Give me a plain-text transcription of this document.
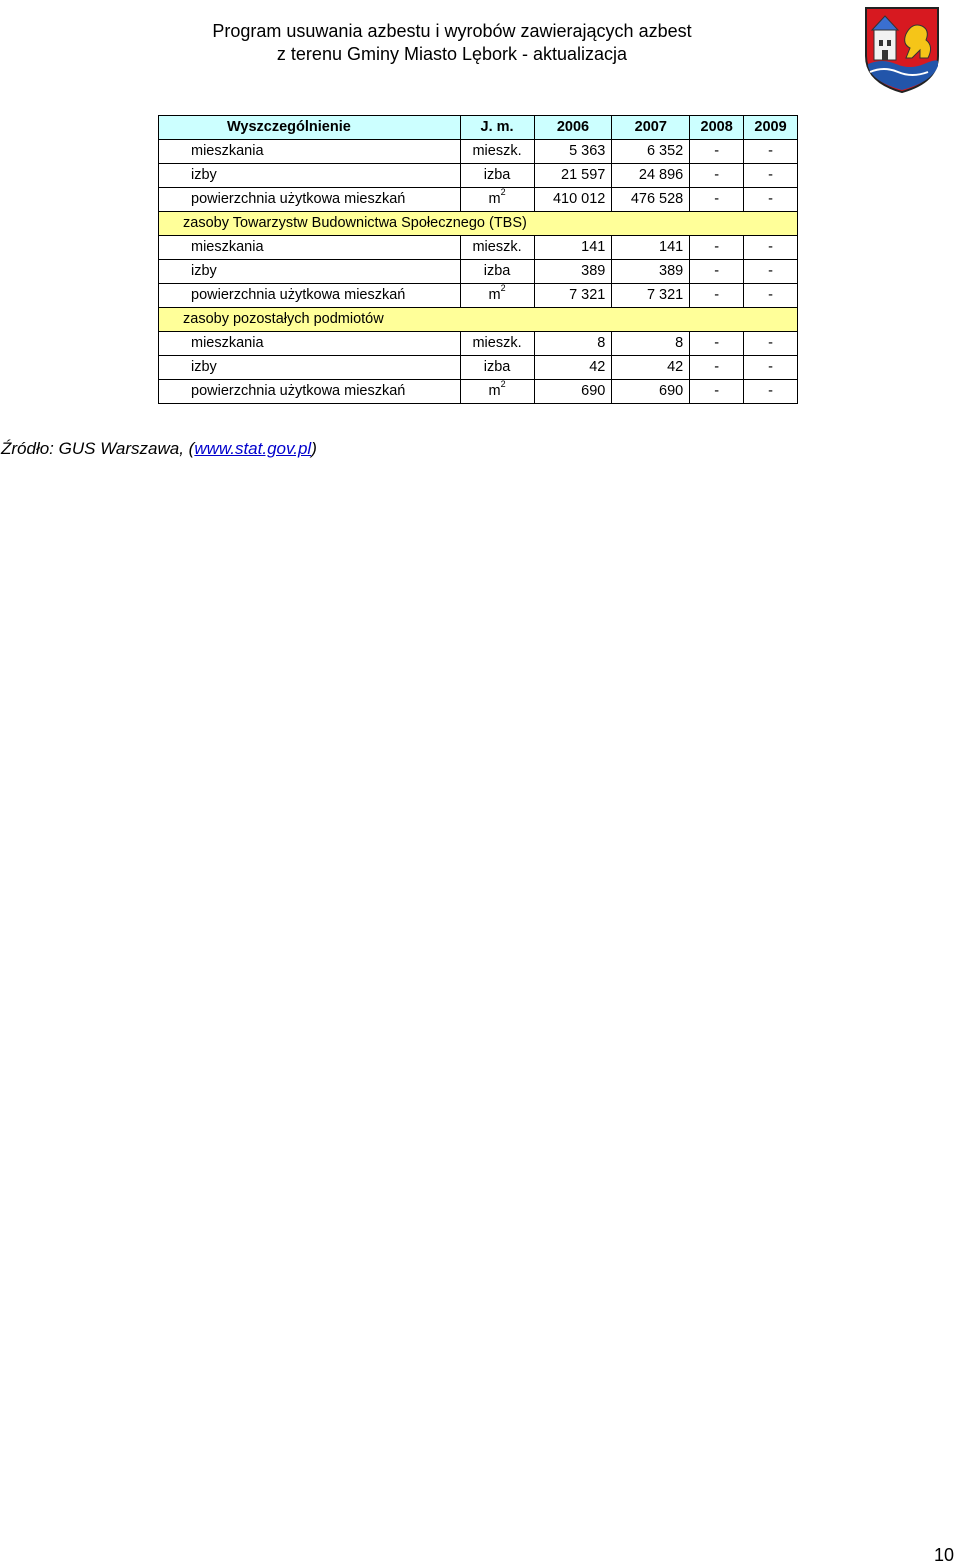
Program usuwania azbestu i wyrobów zawierających azbest
z terenu Gminy Miasto Lębork - aktualizacja
Wyszczególnienie	J. m.	2006	2007	2008	2009
mieszkania	mieszk.	5 363	6 352	-	-
izby	izba	21 597	24 896	-	-
powierzchnia użytkowa mieszkań	$m^2$	410 012	476 528	-	-
zasoby Towarzystw Budownictwa Społecznego (TBS)					
mieszkania	mieszk.	141	141	-	-
izby	izba	389	389	-	-
powierzchnia użytkowa mieszkań	$m^2$	7 321	7 321	-	-
zasoby pozostałych podmiotów					
mieszkania	mieszk.	8	8	-	-
izby	izba	42	42	-	-
powierzchnia użytkowa mieszkań	$m^2$	690	690	-	-
Źródło: GUS Warszawa, (www.stat.gov.pl)
10
